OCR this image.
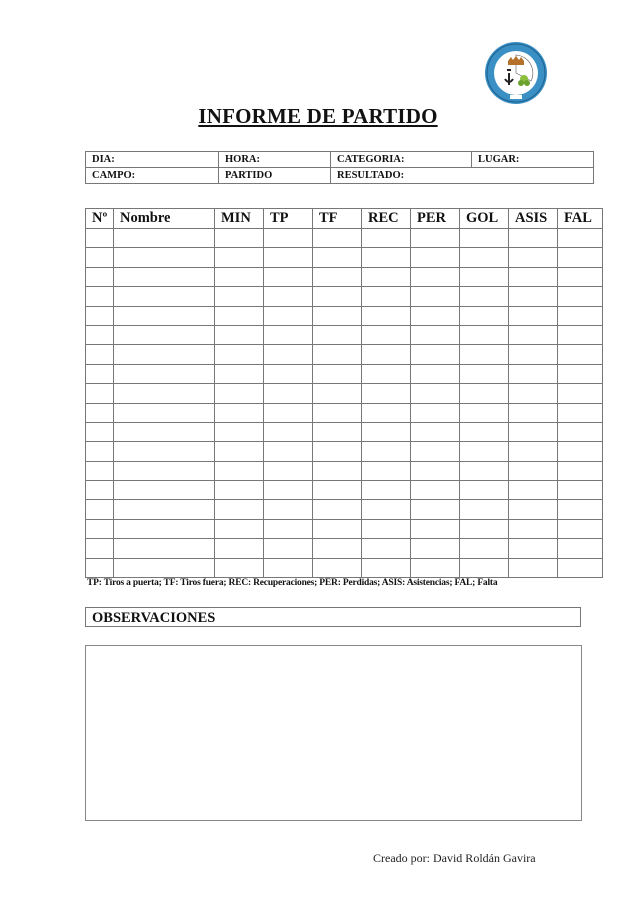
INFORME DE PARTIDO
DIA:	HORA:	CATEGORIA:	LUGAR:
CAMPO:	PARTIDO	RESULTADO:	
Nº	Nombre	MIN	TP	TF	REC	PER	GOL	ASIS	FAL

TP: Tiros a puerta; TF: Tiros fuera; REC: Recuperaciones; PER: Perdidas; ASIS: Asistencias; FAL; Falta
OBSERVACIONES
Creado por: David Roldán Gavira
